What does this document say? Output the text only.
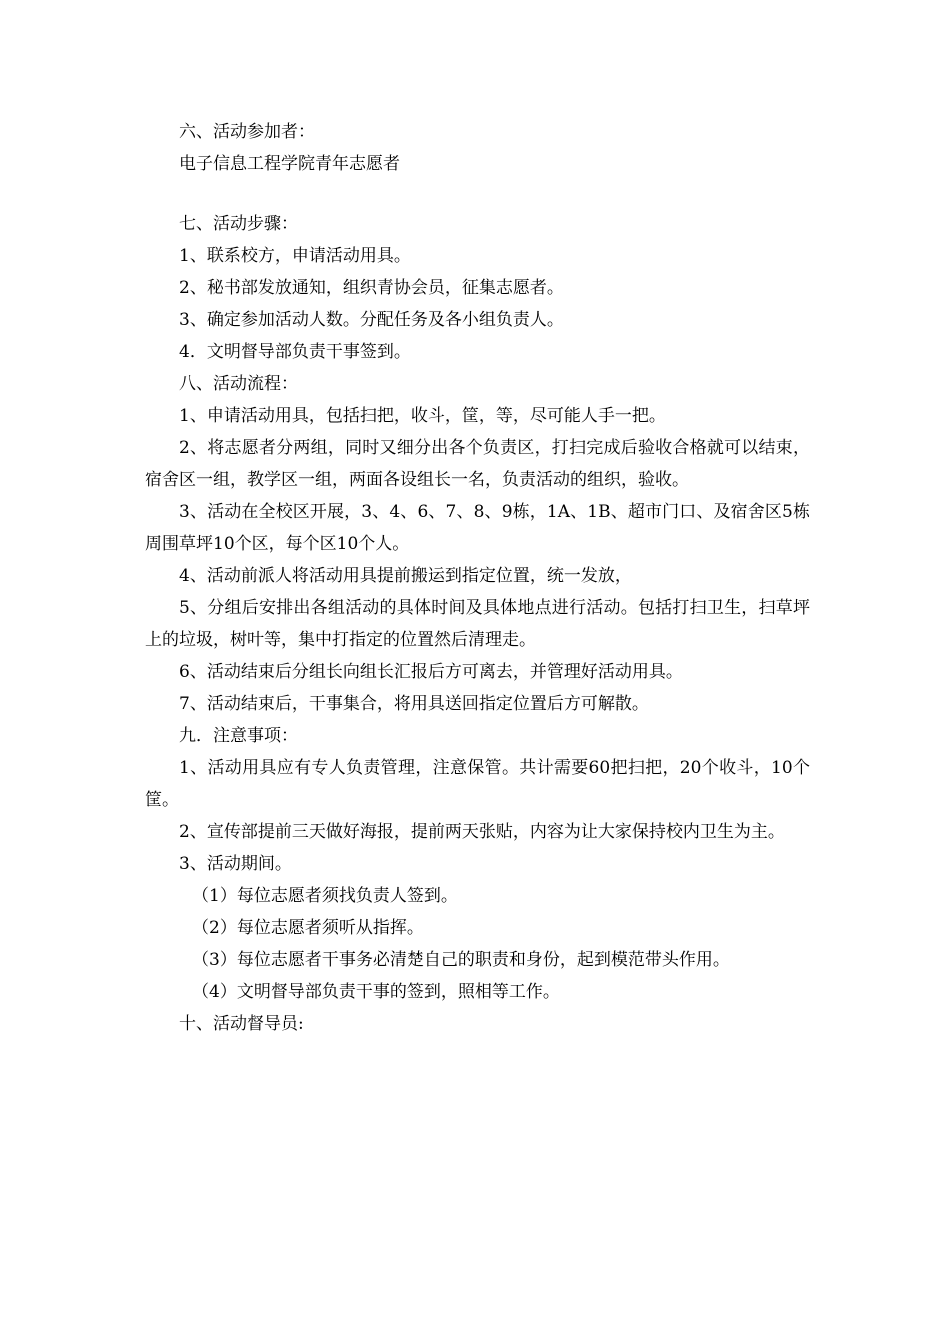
六、活动参加者：

电子信息工程学院青年志愿者

七、活动步骤：

1、联系校方，申请活动用具。

2、秘书部发放通知，组织青协会员，征集志愿者。

3、确定参加活动人数。分配任务及各小组负责人。

4．文明督导部负责干事签到。

八、活动流程：

1、申请活动用具，包括扫把，收斗，筐，等，尽可能人手一把。

2、将志愿者分两组，同时又细分出各个负责区，打扫完成后验收合格就可以结束，宿舍区一组，教学区一组，两面各设组长一名，负责活动的组织，验收。

3、活动在全校区开展，3、4、6、7、8、9栋，1A、1B、超市门口、及宿舍区5栋周围草坪10个区，每个区10个人。

4、活动前派人将活动用具提前搬运到指定位置，统一发放，

5、分组后安排出各组活动的具体时间及具体地点进行活动。包括打扫卫生，扫草坪上的垃圾，树叶等，集中打指定的位置然后清理走。

6、活动结束后分组长向组长汇报后方可离去，并管理好活动用具。

7、活动结束后，干事集合，将用具送回指定位置后方可解散。

九．注意事项：

1、活动用具应有专人负责管理，注意保管。共计需要60把扫把，20个收斗，10个筐。

2、宣传部提前三天做好海报，提前两天张贴，内容为让大家保持校内卫生为主。

3、活动期间。

（1）每位志愿者须找负责人签到。

（2）每位志愿者须听从指挥。

（3）每位志愿者干事务必清楚自己的职责和身份，起到模范带头作用。

（4）文明督导部负责干事的签到，照相等工作。

十、活动督导员:
